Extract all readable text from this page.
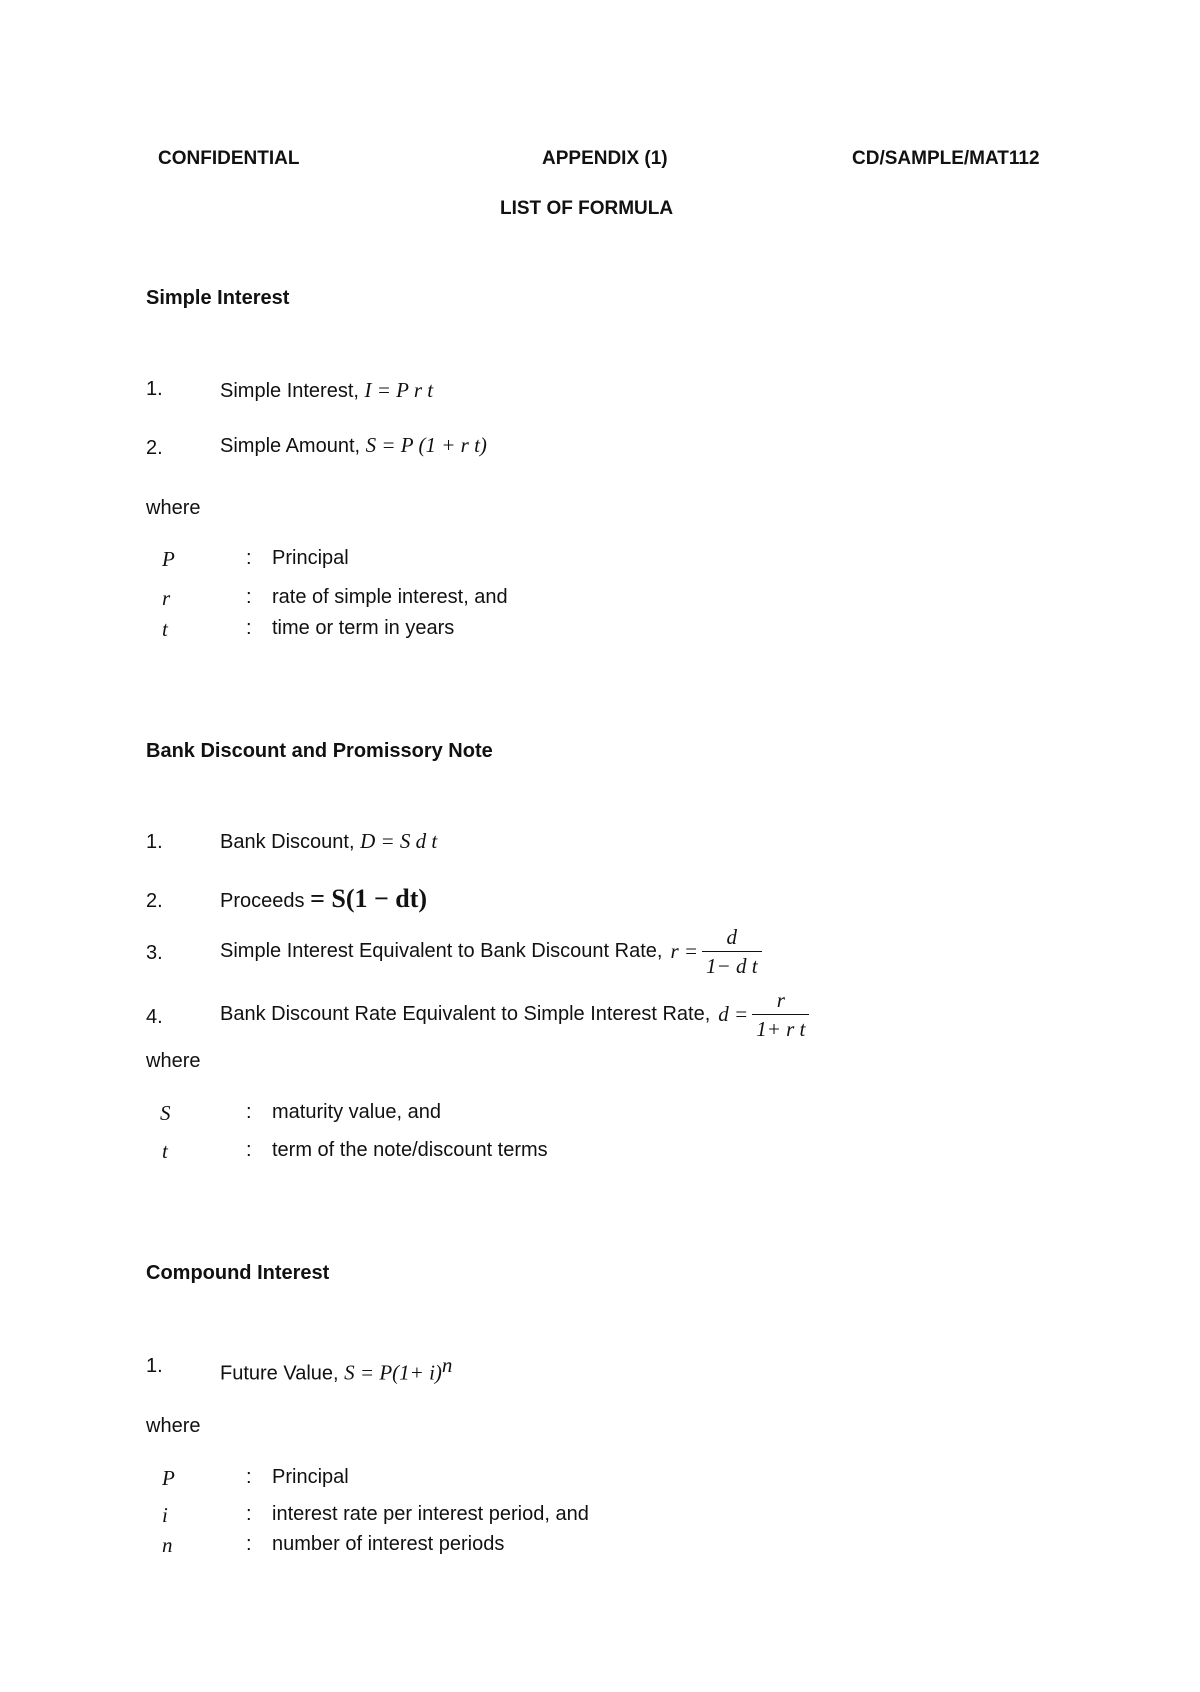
CONFIDENTIAL	APPENDIX (1)	CD/SAMPLE/MAT112
LIST OF FORMULA
Simple Interest
1.	Simple Interest, I = P r t
2.	Simple Amount, S = P (1 + r t)
where
P	: Principal
r	: rate of simple interest, and
t	: time or term in years
Bank Discount and Promissory Note
1.	Bank Discount, D = S d t
2.	Proceeds = S(1 − dt)
3.	Simple Interest Equivalent to Bank Discount Rate, $r = \frac{d}{\text{1− d t}}$
4.	Bank Discount Rate Equivalent to Simple Interest Rate, $d = \frac{r}{\text{1+ r t}}$
where
S	: maturity value, and
t	: term of the note/discount terms
Compound Interest
1.	Future Value, $S = P(1+ i)^n$
where
P	: Principal
i	: interest rate per interest period, and
n	: number of interest periods
